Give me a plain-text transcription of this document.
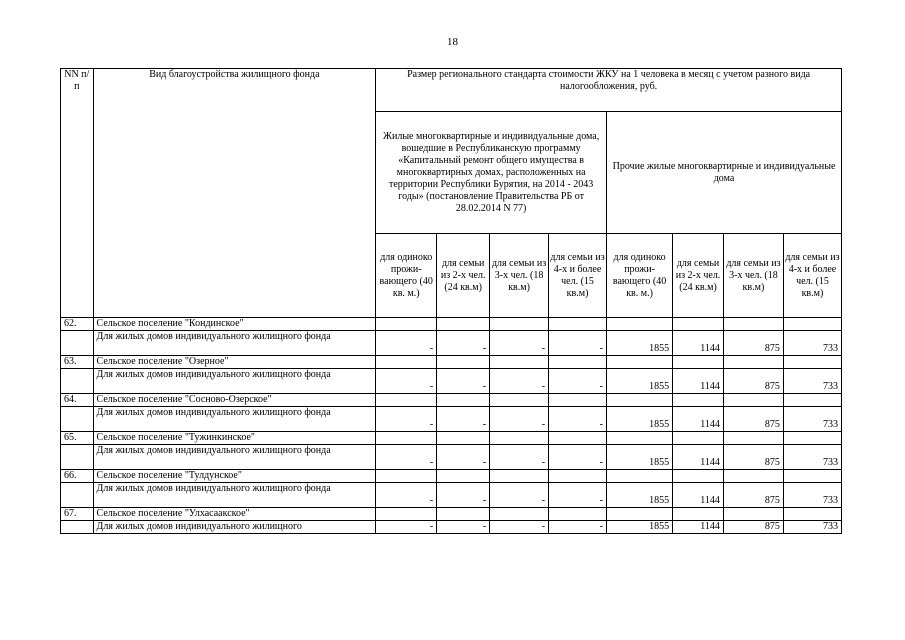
18
NN п/п	Вид благоустройства жилищного фонда	Размер регионального стандарта стоимости ЖКУ на 1 человека в месяц с учетом разного вида налогообложения, руб.							
		Жилые многоквартирные и индивидуальные дома, вошедшие в Республиканскую программу «Капитальный ремонт общего имущества в многоквартирных домах, расположенных на территории Республики Бурятия, на 2014 - 2043 годы» (постановление Правительства РБ от 28.02.2014 N 77)				Прочие жилые многоквартирные и индивидуальные дома			
		для одиноко прожи-вающего (40 кв. м.)	для семьи из 2-х чел. (24 кв.м)	для семьи из 3-х чел. (18 кв.м)	для семьи из 4-х и более чел. (15 кв.м)	для одиноко прожи-вающего (40 кв. м.)	для семьи из 2-х чел. (24 кв.м)	для семьи из 3-х чел. (18 кв.м)	для семьи из 4-х и более чел. (15 кв.м)
62.	Сельское поселение "Кондинское"								
	Для жилых домов индивидуального жилищного фонда	-	-	-	-	1855	1144	875	733
63.	Сельское поселение "Озерное"								
	Для жилых домов индивидуального жилищного фонда	-	-	-	-	1855	1144	875	733
64.	Сельское поселение "Сосново-Озерское"								
	Для жилых домов индивидуального жилищного фонда	-	-	-	-	1855	1144	875	733
65.	Сельское поселение "Тужинкинское"								
	Для жилых домов индивидуального жилищного фонда	-	-	-	-	1855	1144	875	733
66.	Сельское поселение "Тулдунское"								
	Для жилых домов индивидуального жилищного фонда	-	-	-	-	1855	1144	875	733
67.	Сельское поселение "Улхасаакское"								
	Для жилых домов индивидуального жилищного	-	-	-	-	1855	1144	875	733
